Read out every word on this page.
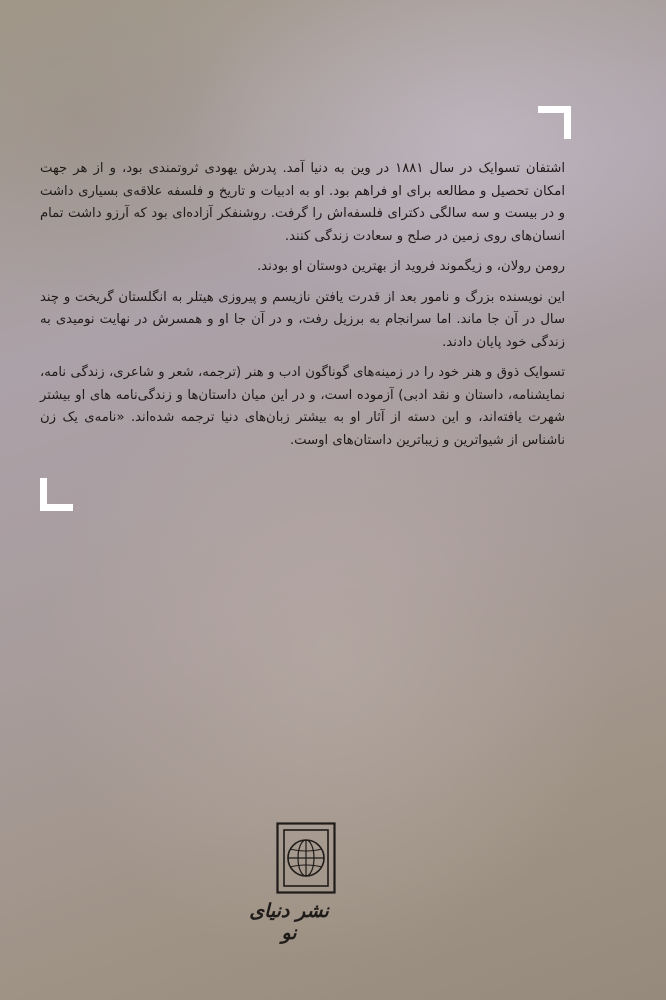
اشتفان تسوایک در سال ۱۸۸۱ در وین به دنیا آمد. پدرش یهودی ثروتمندی بود، و از هر جهت امکان تحصیل و مطالعه برای او فراهم بود. او به ادبیات و تاریخ و فلسفه علاقه‌ی بسیاری داشت و در بیست و سه سالگی دکترای فلسفه‌اش را گرفت. روشنفکر آزاده‌ای بود که آرزو داشت تمام انسان‌های روی زمین در صلح و سعادت زندگی کنند.

رومن رولان، و زیگموند فروید از بهترین دوستان او بودند.

این نویسنده بزرگ و نامور بعد از قدرت یافتن نازیسم و پیروزی هیتلر به انگلستان گریخت و چند سال در آن جا ماند. اما سرانجام به برزیل رفت، و در آن جا او و همسرش در نهایت نومیدی به زندگی خود پایان دادند.

تسوایک ذوق و هنر خود را در زمینه‌های گوناگون ادب و هنر (ترجمه، شعر و شاعری، زندگی نامه، نمایشنامه، داستان و نقد ادبی) آزموده است، و در این میان داستان‌ها و زندگی‌نامه های او بیشتر شهرت یافته‌اند، و این دسته از آثار او به بیشتر زبان‌های دنیا ترجمه شده‌اند. «نامه‌ی یک زن ناشناس از شیواترین و زیباترین داستان‌های اوست.

نشر دنیای نو
